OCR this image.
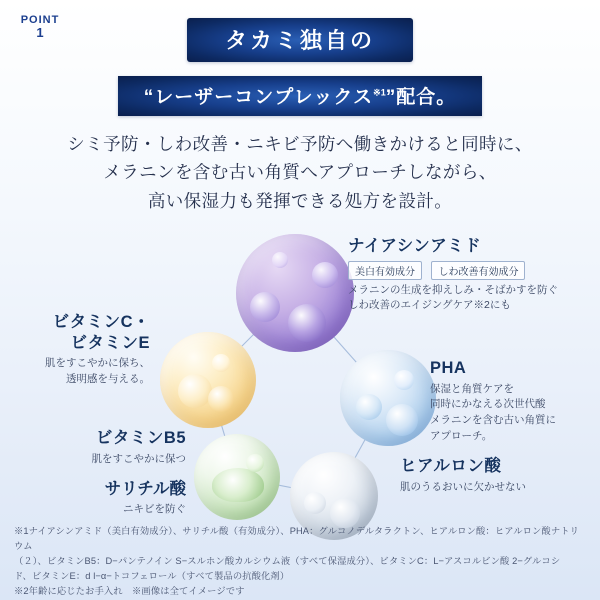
POINT
1	タカミ独自の
“レーザーコンプレックス$^{※1}$”配合。
シミ予防・しわ改善・ニキビ予防へ働きかけると同時に、
メラニンを含む古い角質へアプローチしながら、
高い保湿力も発揮できる処方を設計。
ナイアシンアミド
美白有効成分 しわ改善有効成分
メラニンの生成を抑えしみ・そばかすを防ぐ
しわ改善のエイジングケア※2にも
PHA
保湿と角質ケアを
同時にかなえる次世代酸
メラニンを含む古い角質に
アプローチ。
ヒアルロン酸
肌のうるおいに欠かせない
ビタミンB5
肌をすこやかに保つ
サリチル酸
ニキビを防ぐ
ビタミンC・
ビタミンE
肌をすこやかに保ち、
透明感を与える。
※1ナイアシンアミド（美白有効成分）、サリチル酸（有効成分）、PHA：グルコノデルタラクトン、ヒアルロン酸：ヒアルロン酸ナトリウム
（２）、ビタミンB5：D−パンテノイン S−スルホン酸カルシウム液（すべて保湿成分）、ビタミンC：L−アスコルビン酸 2−グルコシ
ド、ビタミンE：d l−α−トコフェロール（すべて製品の抗酸化剤）
※2年齢に応じたお手入れ　※画像は全てイメージです
